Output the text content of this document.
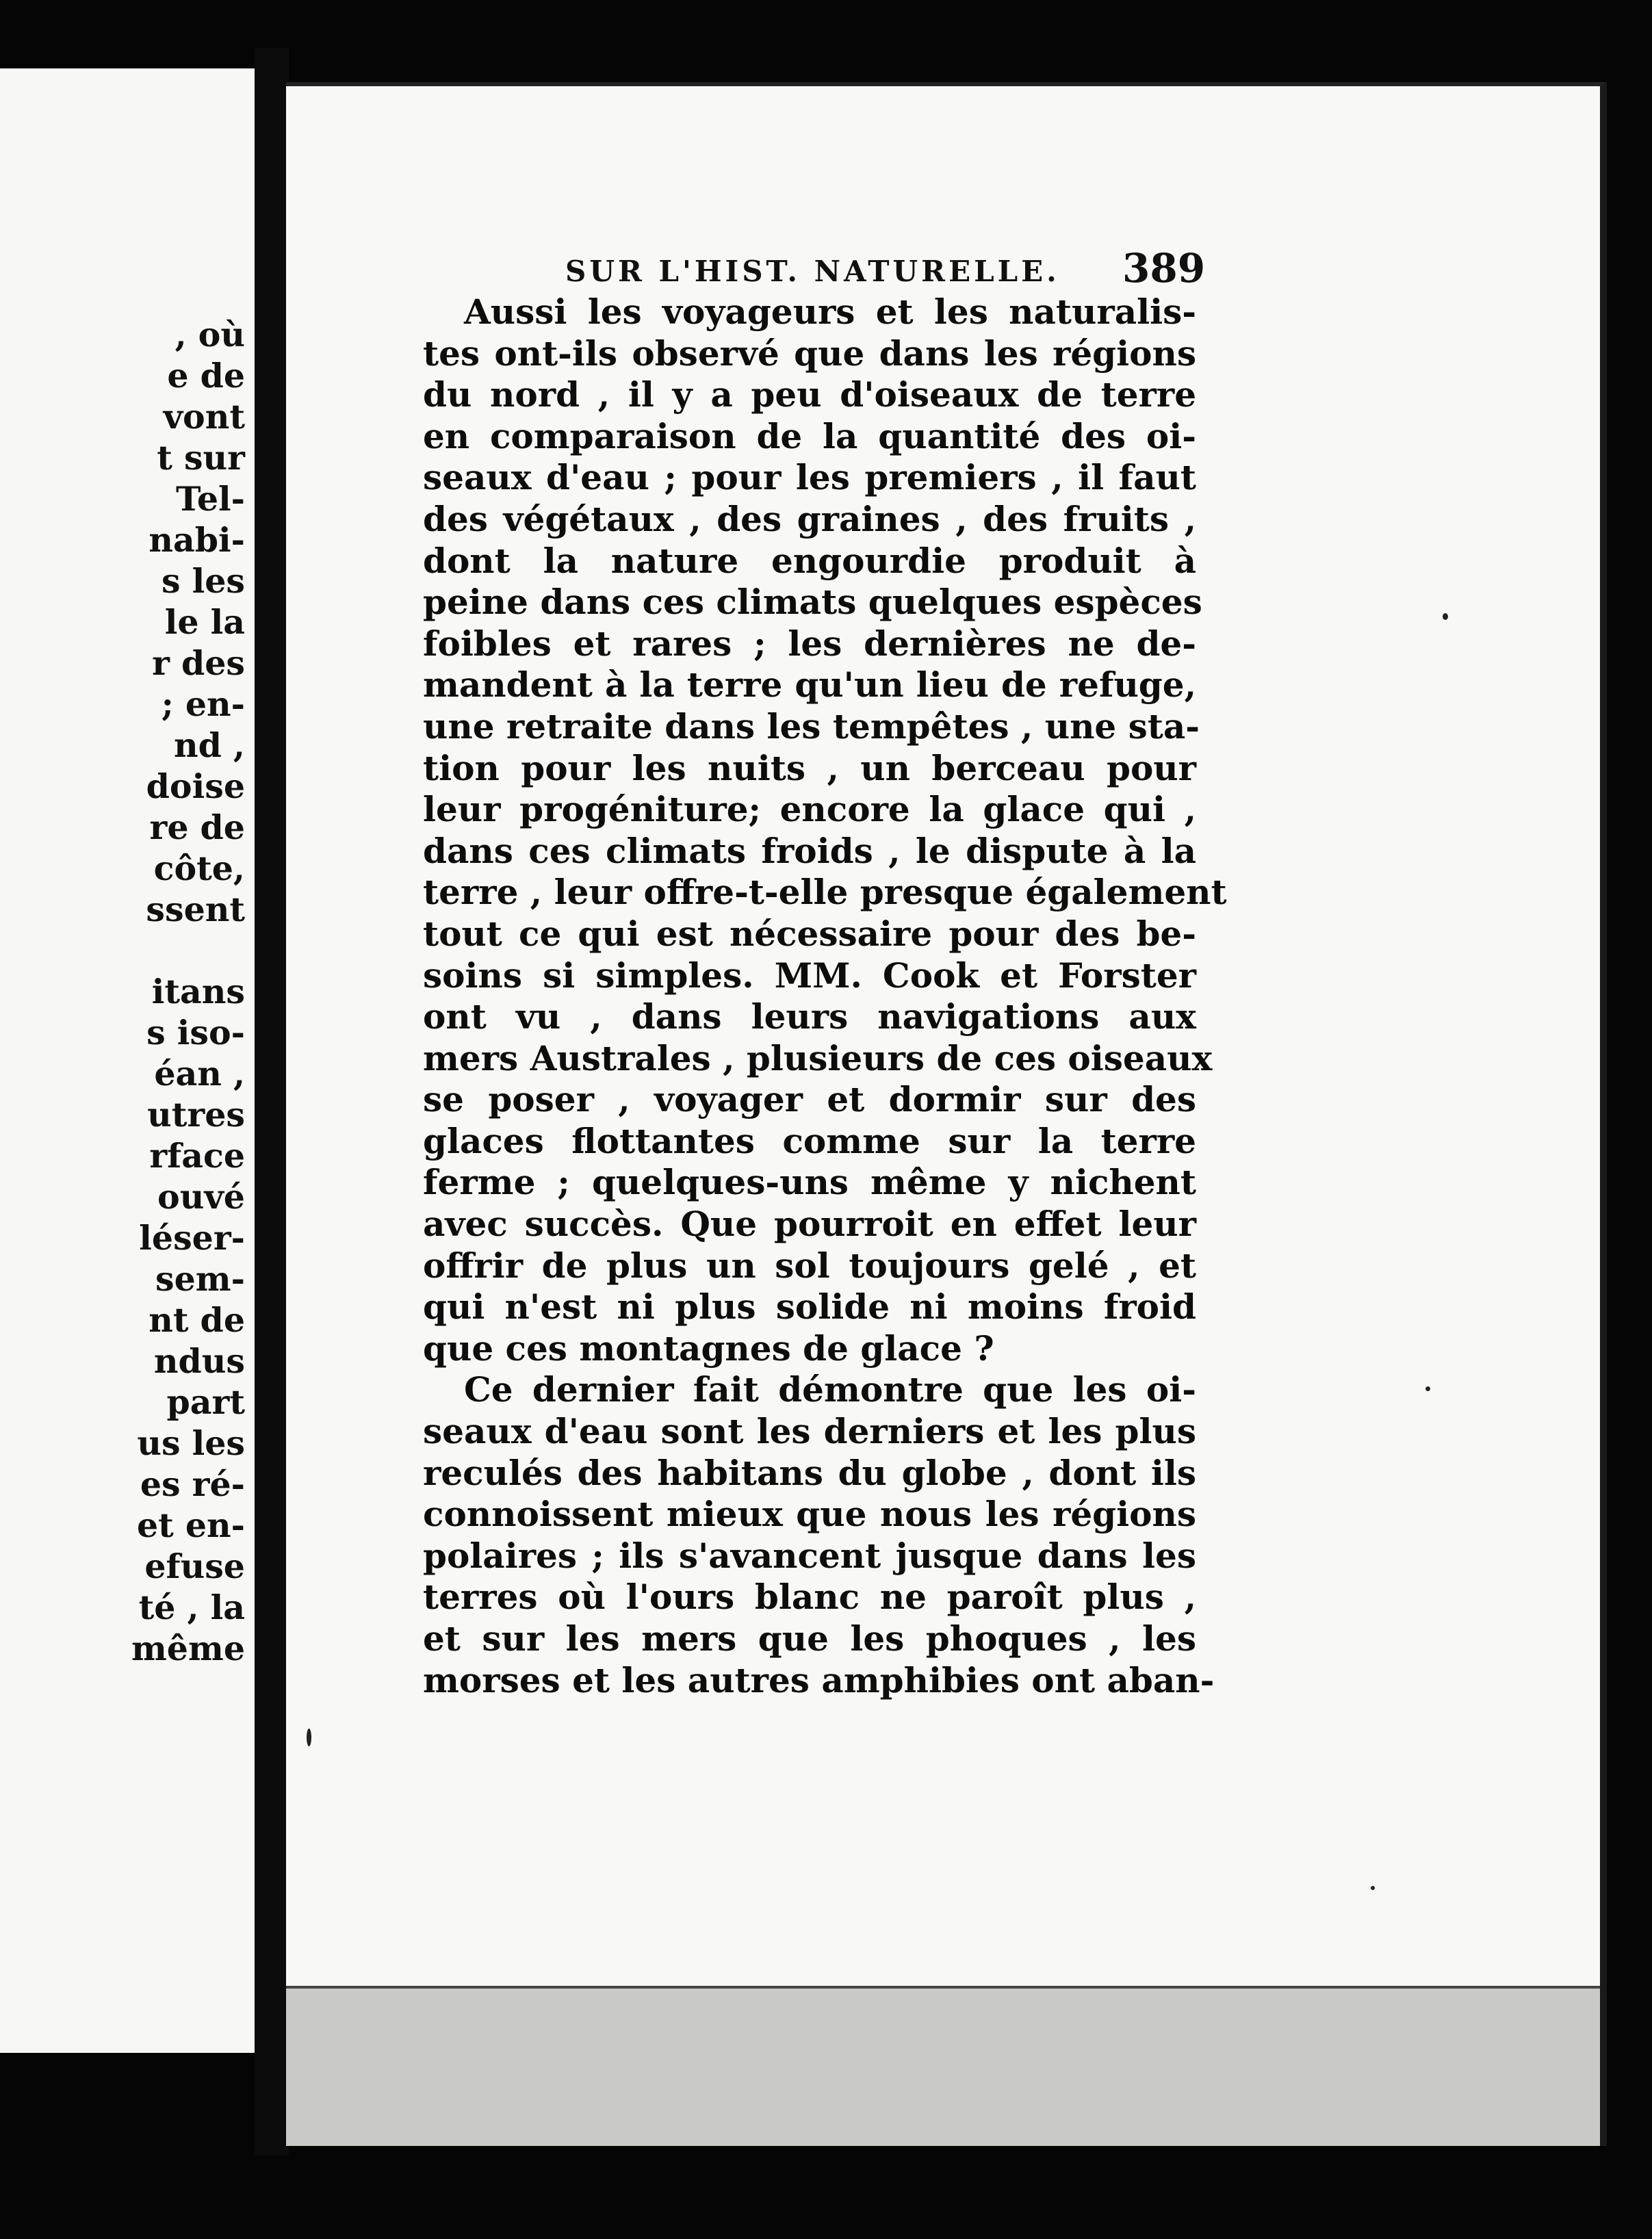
, où
e de
vont
t sur
Tel-
nabi-
s les
le la
r des
; en-
nd ,
doise
re de
côte,
ssent
itans
s iso-
éan ,
utres
rface
ouvé
léser-
sem-
nt de
ndus
part
us les
es ré-
et en-
efuse
té , la
même
SUR L'HIST. NATURELLE. 389
Aussi les voyageurs et les naturalis-
tes ont-ils observé que dans les régions
du nord , il y a peu d'oiseaux de terre
en comparaison de la quantité des oi-
seaux d'eau ; pour les premiers , il faut
des végétaux , des graines , des fruits ,
dont la nature engourdie produit à
peine dans ces climats quelques espèces
foibles et rares ; les dernières ne de-
mandent à la terre qu'un lieu de refuge,
une retraite dans les tempêtes , une sta-
tion pour les nuits , un berceau pour
leur progéniture; encore la glace qui ,
dans ces climats froids , le dispute à la
terre , leur offre-t-elle presque également
tout ce qui est nécessaire pour des be-
soins si simples. MM. Cook et Forster
ont vu , dans leurs navigations aux
mers Australes , plusieurs de ces oiseaux
se poser , voyager et dormir sur des
glaces flottantes comme sur la terre
ferme ; quelques-uns même y nichent
avec succès. Que pourroit en effet leur
offrir de plus un sol toujours gelé , et
qui n'est ni plus solide ni moins froid
que ces montagnes de glace ?
Ce dernier fait démontre que les oi-
seaux d'eau sont les derniers et les plus
reculés des habitans du globe , dont ils
connoissent mieux que nous les régions
polaires ; ils s'avancent jusque dans les
terres où l'ours blanc ne paroît plus ,
et sur les mers que les phoques , les
morses et les autres amphibies ont aban-
